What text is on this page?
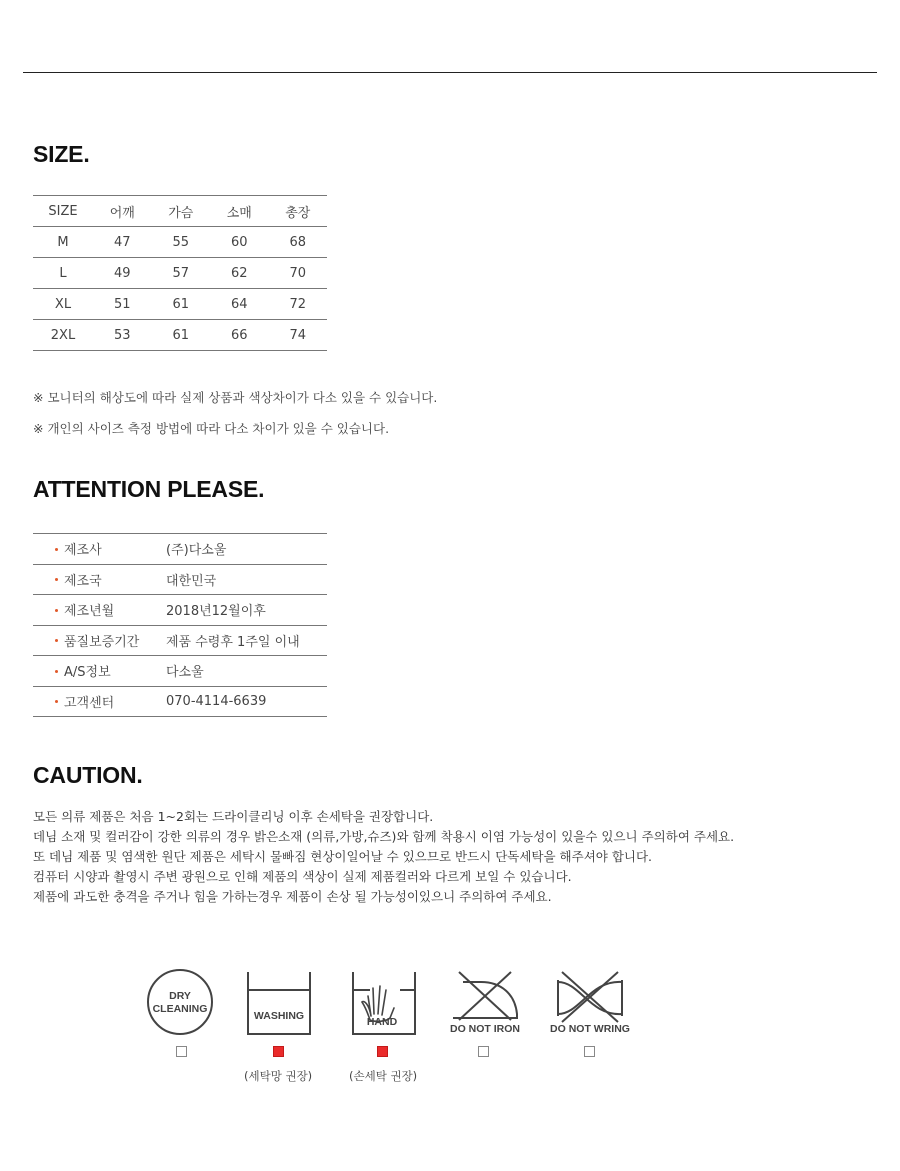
SIZE.
SIZE	어깨	가슴	소매	총장
M	47	55	60	68
L	49	57	62	70
XL	51	61	64	72
2XL	53	61	66	74

※ 모니터의 해상도에 따라 실제 상품과 색상차이가 다소 있을 수 있습니다.

※ 개인의 사이즈 측정 방법에 따라 다소 차이가 있을 수 있습니다.

ATTENTION PLEASE.
제조사	(주)다소울

제조국	대한민국

제조년월	2018년12월이후

품질보증기간	제품 수령후 1주일 이내

A/S정보	다소울

고객센터	070-4114-6639
CAUTION.

모든 의류 제품은 처음 1~2회는 드라이클리닝 이후 손세탁을 권장합니다.

데님 소재 및 컬러감이 강한 의류의 경우 밝은소재 (의류,가방,슈즈)와 함께 착용시 이염 가능성이 있을수 있으니 주의하여 주세요.

또 데님 제품 및 염색한 원단 제품은 세탁시 물빠짐 현상이일어날 수 있으므로 반드시 단독세탁을 해주셔야 합니다.

컴퓨터 시양과 촬영시 주변 광원으로 인해 제품의 색상이 실제 제품컬러와 다르게 보일 수 있습니다.

제품에 과도한 충격을 주거나 힘을 가하는경우 제품이 손상 될 가능성이있으니 주의하여 주세요.

DRY
CLEANING
WASHING
(세탁망 권장)
HAND
(손세탁 권장)
DO NOT IRON	DO NOT WRING
